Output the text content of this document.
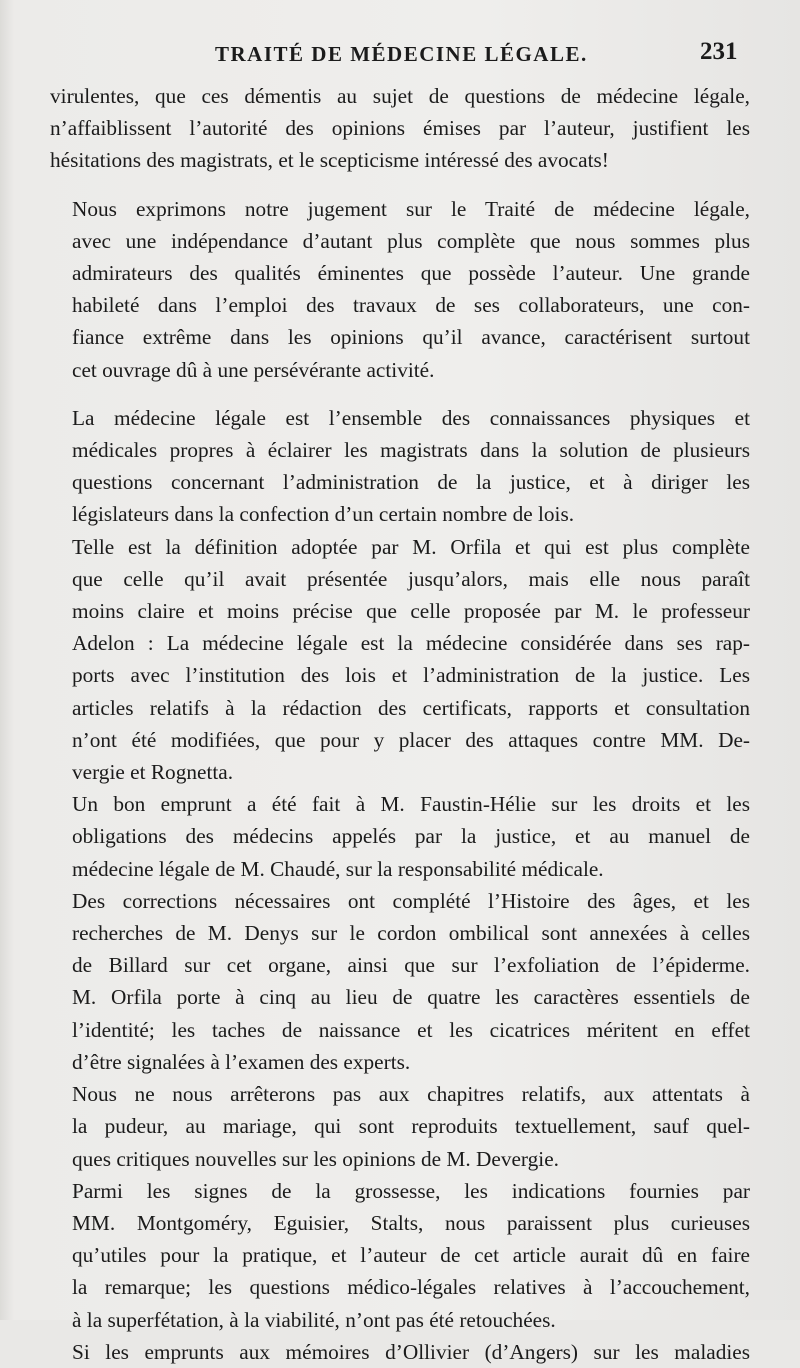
TRAITÉ DE MÉDECINE LÉGALE.	231

virulentes, que ces démentis au sujet de questions de médecine légale,
n’affaiblissent l’autorité des opinions émises par l’auteur, justifient les
hésitations des magistrats, et le scepticisme intéressé des avocats!

Nous exprimons notre jugement sur le Traité de médecine légale,
avec une indépendance d’autant plus complète que nous sommes plus
admirateurs des qualités éminentes que possède l’auteur. Une grande
habileté dans l’emploi des travaux de ses collaborateurs, une con-
fiance extrême dans les opinions qu’il avance, caractérisent surtout
cet ouvrage dû à une persévérante activité.

La médecine légale est l’ensemble des connaissances physiques et
médicales propres à éclairer les magistrats dans la solution de plusieurs
questions concernant l’administration de la justice, et à diriger les
législateurs dans la confection d’un certain nombre de lois.

Telle est la définition adoptée par M. Orfila et qui est plus complète
que celle qu’il avait présentée jusqu’alors, mais elle nous paraît
moins claire et moins précise que celle proposée par M. le professeur
Adelon : La médecine légale est la médecine considérée dans ses rap-
ports avec l’institution des lois et l’administration de la justice. Les
articles relatifs à la rédaction des certificats, rapports et consultation
n’ont été modifiées, que pour y placer des attaques contre MM. De-
vergie et Rognetta.

Un bon emprunt a été fait à M. Faustin-Hélie sur les droits et les
obligations des médecins appelés par la justice, et au manuel de
médecine légale de M. Chaudé, sur la responsabilité médicale.

Des corrections nécessaires ont complété l’Histoire des âges, et les
recherches de M. Denys sur le cordon ombilical sont annexées à celles
de Billard sur cet organe, ainsi que sur l’exfoliation de l’épiderme.
M. Orfila porte à cinq au lieu de quatre les caractères essentiels de
l’identité; les taches de naissance et les cicatrices méritent en effet
d’être signalées à l’examen des experts.

Nous ne nous arrêterons pas aux chapitres relatifs, aux attentats à
la pudeur, au mariage, qui sont reproduits textuellement, sauf quel-
ques critiques nouvelles sur les opinions de M. Devergie.

Parmi les signes de la grossesse, les indications fournies par
MM. Montgoméry, Eguisier, Stalts, nous paraissent plus curieuses
qu’utiles pour la pratique, et l’auteur de cet article aurait dû en faire
la remarque; les questions médico-légales relatives à l’accouchement,
à la superfétation, à la viabilité, n’ont pas été retouchées.

Si les emprunts aux mémoires d’Ollivier (d’Angers) sur les maladies
